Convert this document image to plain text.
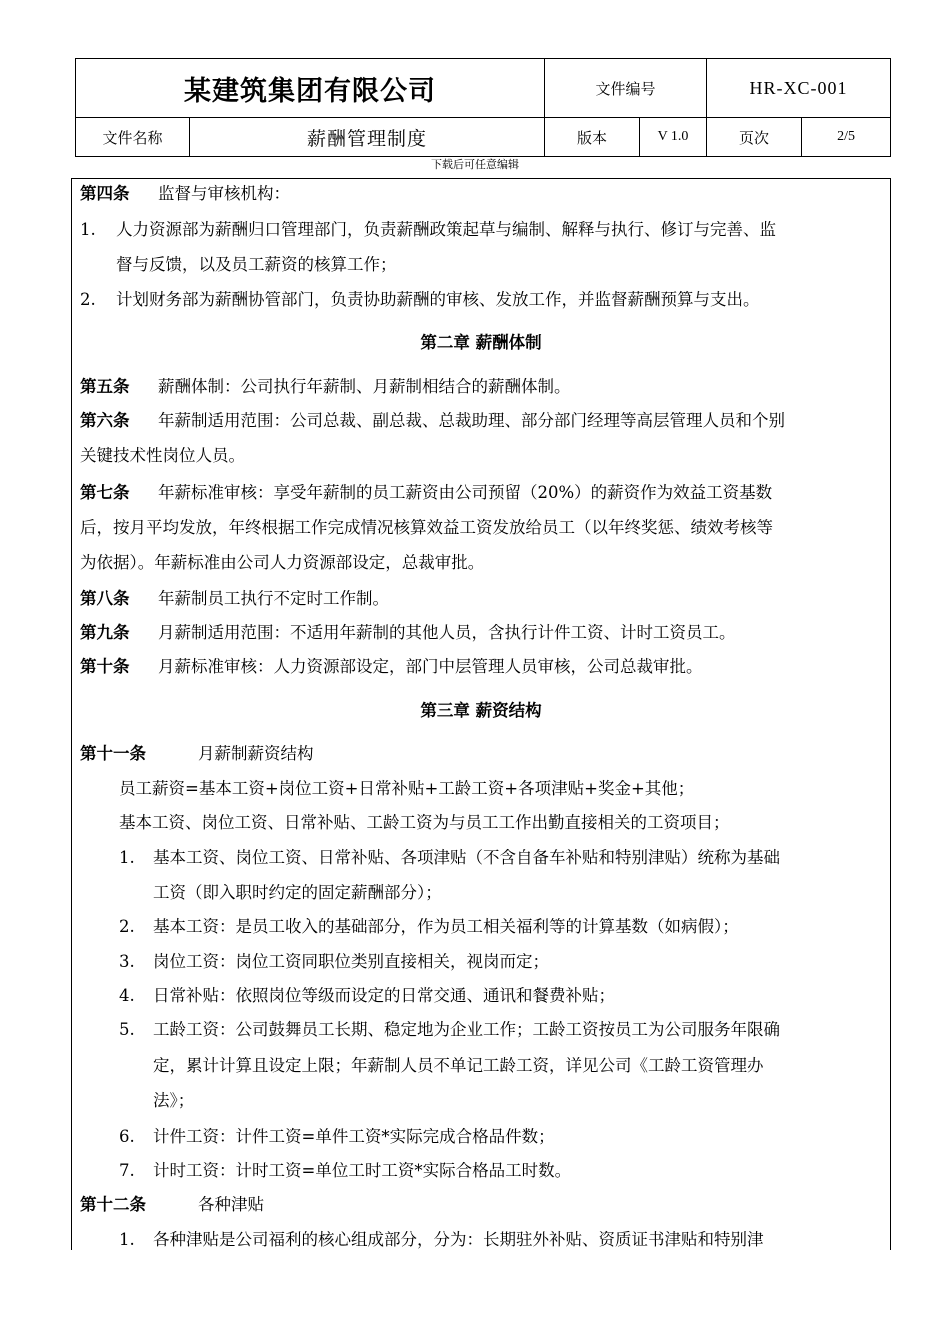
某建筑集团有限公司		文件编号		HR-XC-001	
文件名称	薪酬管理制度	版本	V 1.0	页次	2/5
下载后可任意编辑
第四条 监督与审核机构：
1. 人力资源部为薪酬归口管理部门，负责薪酬政策起草与编制、解释与执行、修订与完善、监
督与反馈，以及员工薪资的核算工作；
2. 计划财务部为薪酬协管部门，负责协助薪酬的审核、发放工作，并监督薪酬预算与支出。
第二章 薪酬体制
第五条 薪酬体制：公司执行年薪制、月薪制相结合的薪酬体制。
第六条 年薪制适用范围：公司总裁、副总裁、总裁助理、部分部门经理等高层管理人员和个别
关键技术性岗位人员。
第七条 年薪标准审核：享受年薪制的员工薪资由公司预留（20%）的薪资作为效益工资基数
后，按月平均发放，年终根据工作完成情况核算效益工资发放给员工（以年终奖惩、绩效考核等
为依据）。年薪标准由公司人力资源部设定，总裁审批。
第八条 年薪制员工执行不定时工作制。
第九条 月薪制适用范围：不适用年薪制的其他人员，含执行计件工资、计时工资员工。
第十条 月薪标准审核：人力资源部设定，部门中层管理人员审核，公司总裁审批。
第三章 薪资结构
第十一条	月薪制薪资结构
员工薪资=基本工资+岗位工资+日常补贴+工龄工资+各项津贴+奖金+其他；
基本工资、岗位工资、日常补贴、工龄工资为与员工工作出勤直接相关的工资项目；
1. 基本工资、岗位工资、日常补贴、各项津贴（不含自备车补贴和特别津贴）统称为基础
工资（即入职时约定的固定薪酬部分）；
2. 基本工资：是员工收入的基础部分，作为员工相关福利等的计算基数（如病假）；
3. 岗位工资：岗位工资同职位类别直接相关，视岗而定；
4. 日常补贴：依照岗位等级而设定的日常交通、通讯和餐费补贴；
5. 工龄工资：公司鼓舞员工长期、稳定地为企业工作；工龄工资按员工为公司服务年限确
定，累计计算且设定上限；年薪制人员不单记工龄工资，详见公司《工龄工资管理办
法》；
6. 计件工资：计件工资=单件工资*实际完成合格品件数；
7. 计时工资：计时工资=单位工时工资*实际合格品工时数。
第十二条	各种津贴
1. 各种津贴是公司福利的核心组成部分，分为：长期驻外补贴、资质证书津贴和特别津
